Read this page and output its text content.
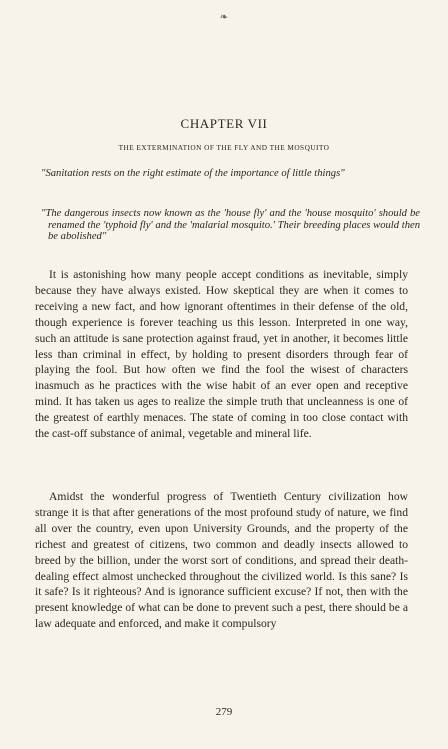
❧
CHAPTER VII
THE EXTERMINATION OF THE FLY AND THE MOSQUITO
"Sanitation rests on the right estimate of the importance of little things"
"The dangerous insects now known as the 'house fly' and the 'house mosquito' should be renamed the 'typhoid fly' and the 'malarial mosquito.' Their breeding places would then be abolished"

It is astonishing how many people accept conditions as inevitable, simply because they have always existed. How skeptical they are when it comes to receiving a new fact, and how ignorant oftentimes in their defense of the old, though experience is forever teaching us this lesson. Interpreted in one way, such an attitude is sane protection against fraud, yet in another, it becomes little less than criminal in effect, by holding to present disorders through fear of playing the fool. But how often we find the fool the wisest of characters inasmuch as he practices with the wise habit of an ever open and receptive mind. It has taken us ages to realize the simple truth that uncleanness is one of the greatest of earthly menaces. The state of coming in too close contact with the cast-off substance of animal, vegetable and mineral life.

Amidst the wonderful progress of Twentieth Century civilization how strange it is that after generations of the most profound study of nature, we find all over the country, even upon University Grounds, and the property of the richest and greatest of citizens, two common and deadly insects allowed to breed by the billion, under the worst sort of conditions, and spread their death-dealing effect almost unchecked throughout the civilized world. Is this sane? Is it safe? Is it righteous? And is ignorance sufficient excuse? If not, then with the present knowledge of what can be done to prevent such a pest, there should be a law adequate and enforced, and make it compulsory

279
